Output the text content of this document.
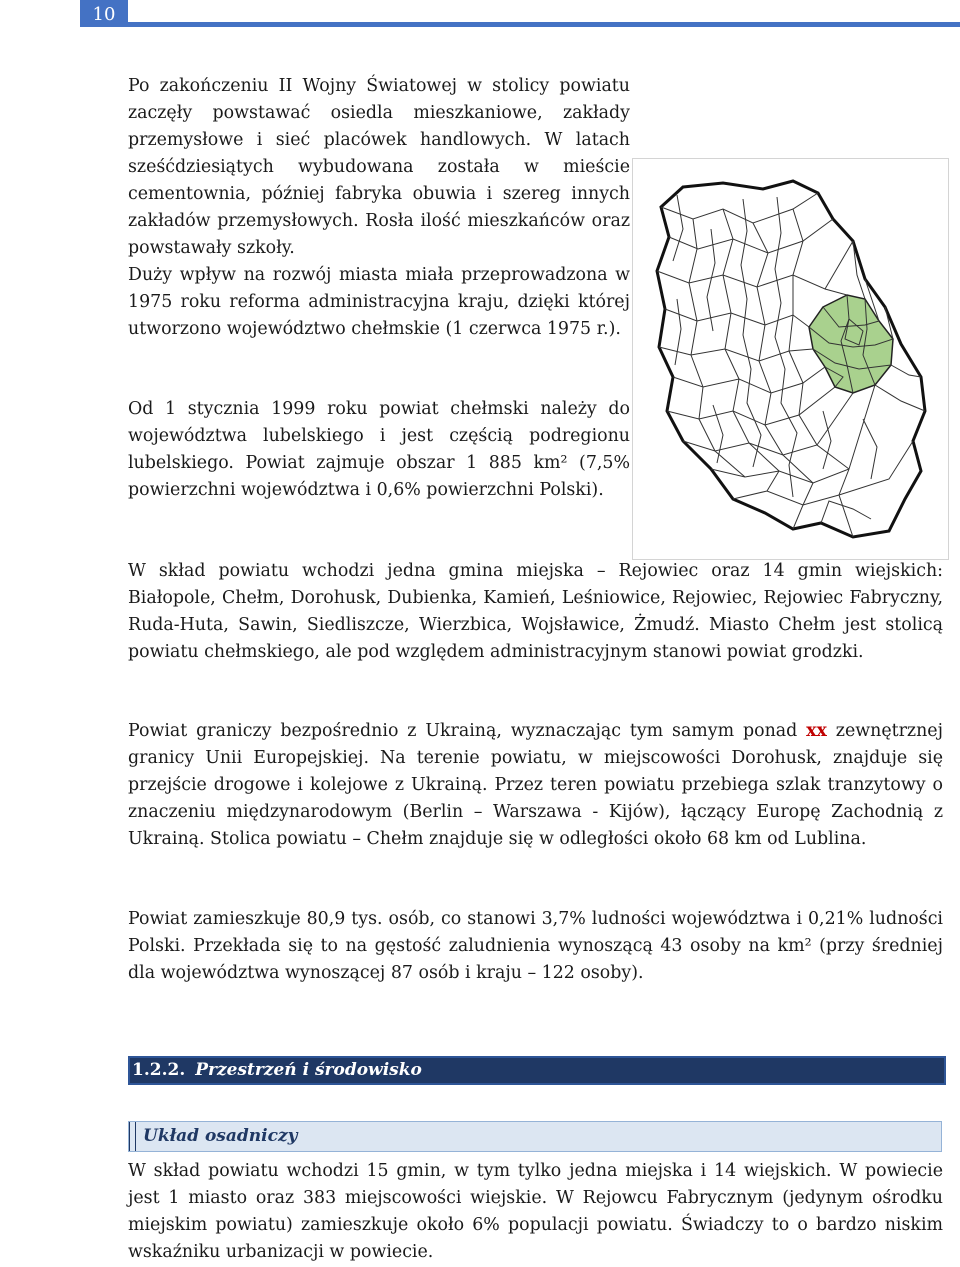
10

Po zakończeniu II Wojny Światowej w stolicy powiatu zaczęły powstawać osiedla mieszkaniowe, zakłady przemysłowe i sieć placówek handlowych. W latach sześćdziesiątych wybudowana została w mieście cementownia, później fabryka obuwia i szereg innych zakładów przemysłowych. Rosła ilość mieszkańców oraz powstawały szkoły.

Duży wpływ na rozwój miasta miała przeprowadzona w 1975 roku reforma administracyjna kraju, dzięki której utworzono województwo chełmskie (1 czerwca 1975 r.).

Od 1 stycznia 1999 roku powiat chełmski należy do województwa lubelskiego i jest częścią podregionu lubelskiego. Powiat zajmuje obszar 1 885 km² (7,5% powierzchni województwa i 0,6% powierzchni Polski).

W skład powiatu wchodzi jedna gmina miejska – Rejowiec oraz 14 gmin wiejskich: Białopole, Chełm, Dorohusk, Dubienka, Kamień, Leśniowice, Rejowiec, Rejowiec Fabryczny, Ruda-Huta, Sawin, Siedliszcze, Wierzbica, Wojsławice, Żmudź. Miasto Chełm jest stolicą powiatu chełmskiego, ale pod względem administracyjnym stanowi powiat grodzki.

Powiat graniczy bezpośrednio z Ukrainą, wyznaczając tym samym ponad xx zewnętrznej granicy Unii Europejskiej. Na terenie powiatu, w miejscowości Dorohusk, znajduje się przejście drogowe i kolejowe z Ukrainą. Przez teren powiatu przebiega szlak tranzytowy o znaczeniu międzynarodowym (Berlin – Warszawa - Kijów), łączący Europę Zachodnią z Ukrainą. Stolica powiatu – Chełm znajduje się w odległości około 68 km od Lublina.

Powiat zamieszkuje 80,9 tys. osób, co stanowi 3,7% ludności województwa i 0,21% ludności Polski. Przekłada się to na gęstość zaludnienia wynoszącą 43 osoby na km² (przy średniej dla województwa wynoszącej 87 osób i kraju – 122 osoby).

1.2.2. Przestrzeń i środowisko
Układ osadniczy

W skład powiatu wchodzi 15 gmin, w tym tylko jedna miejska i 14 wiejskich. W powiecie jest 1 miasto oraz 383 miejscowości wiejskie. W Rejowcu Fabrycznym (jedynym ośrodku miejskim powiatu) zamieszkuje około 6% populacji powiatu. Świadczy to o bardzo niskim wskaźniku urbanizacji w powiecie.
